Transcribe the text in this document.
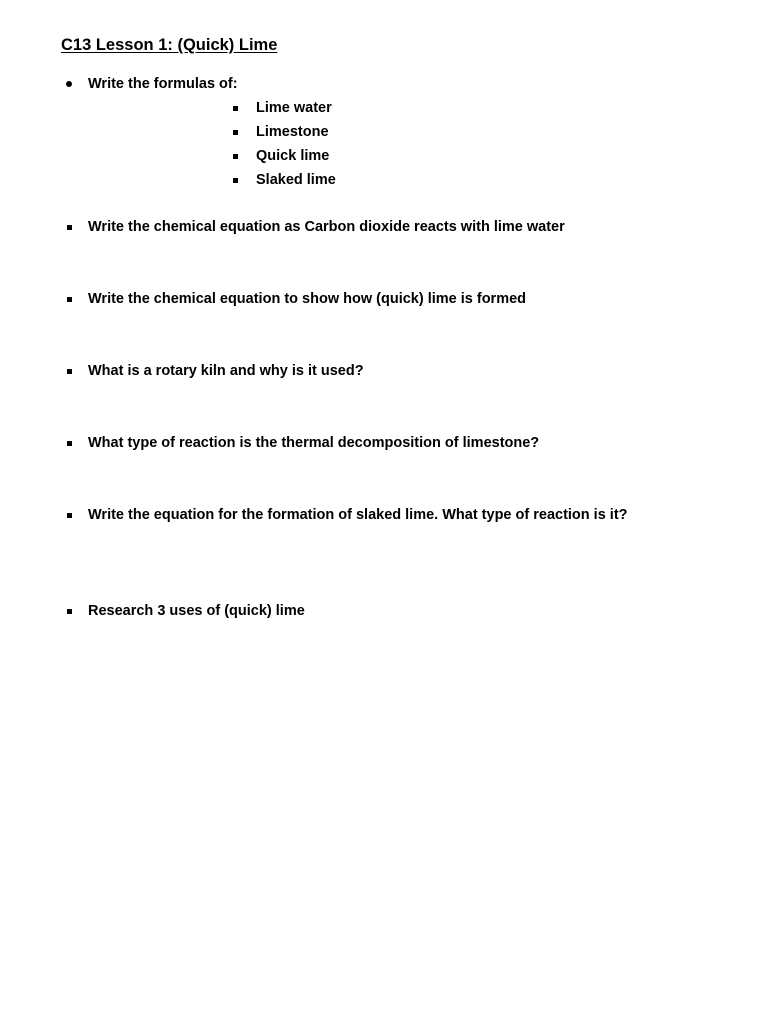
C13 Lesson 1: (Quick) Lime
Write the formulas of:
Lime water
Limestone
Quick lime
Slaked lime
Write the chemical equation as Carbon dioxide reacts with lime water
Write the chemical equation to show how (quick) lime is formed
What is a rotary kiln and why is it used?
What type of reaction is the thermal decomposition of limestone?
Write the equation for the formation of slaked lime. What type of reaction is it?
Research 3 uses of (quick) lime
